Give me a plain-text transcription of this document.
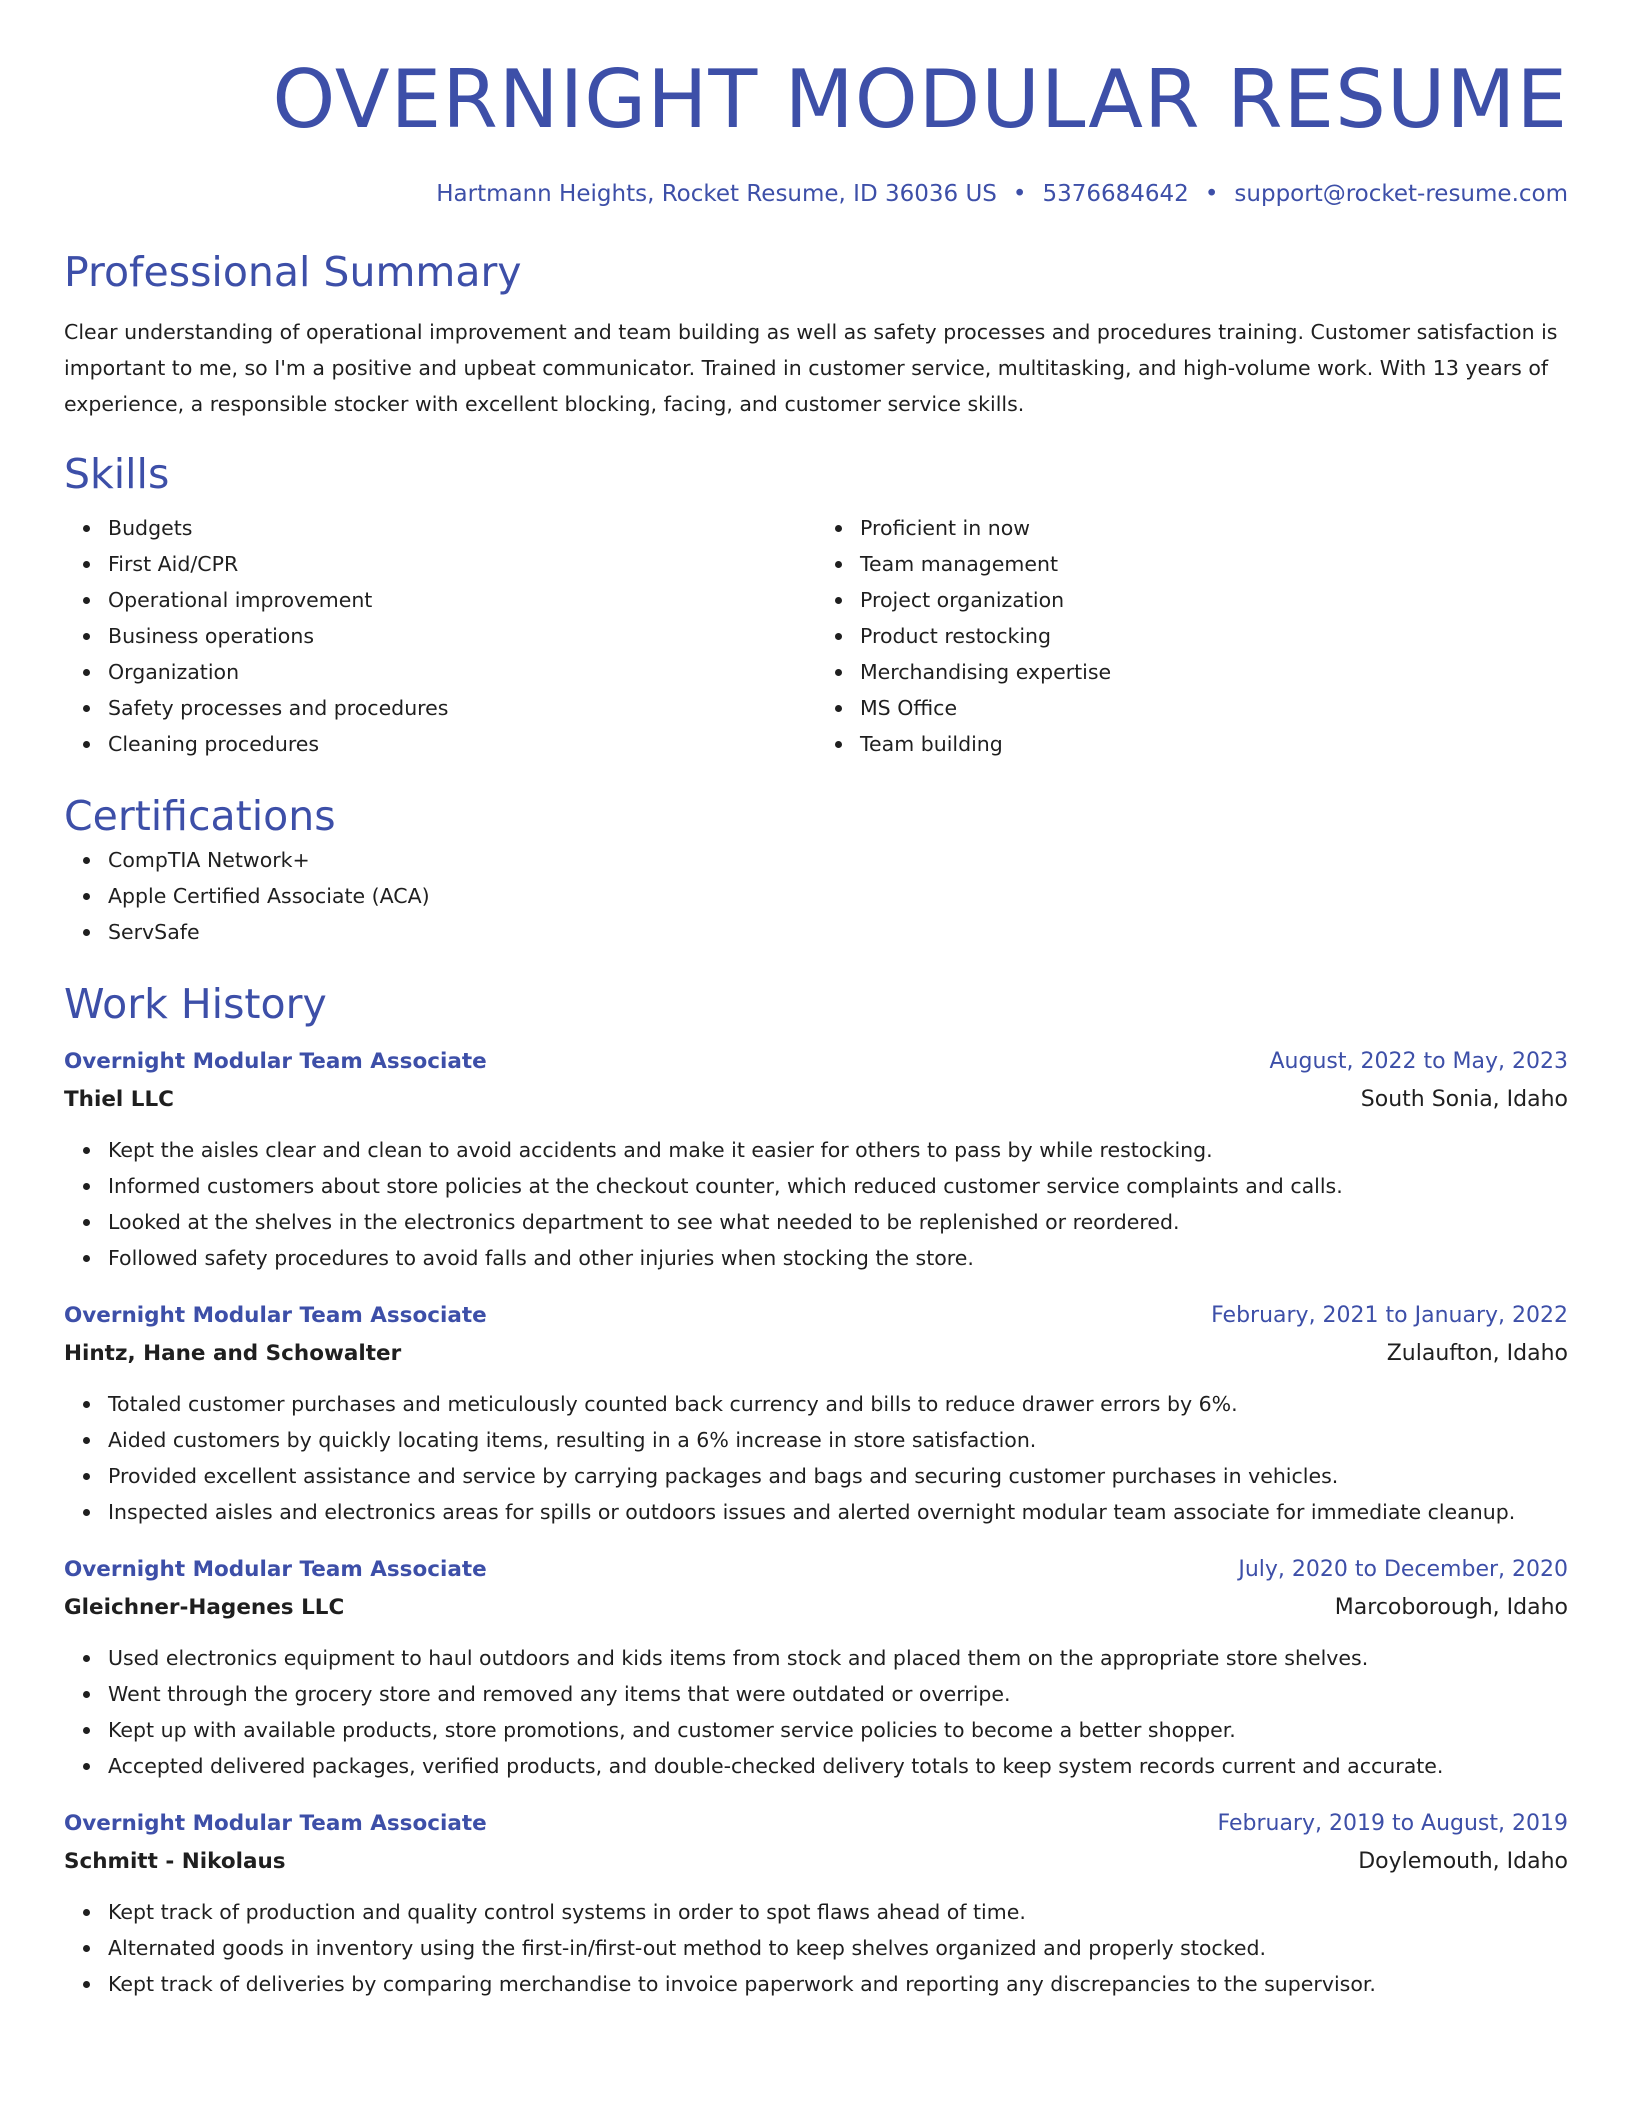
OVERNIGHT MODULAR RESUME
Hartmann Heights, Rocket Resume, ID 36036 US • 5376684642 • support@rocket-resume.com
Professional Summary
Clear understanding of operational improvement and team building as well as safety processes and procedures training. Customer satisfaction is important to me, so I'm a positive and upbeat communicator. Trained in customer service, multitasking, and high-volume work. With 13 years of experience, a responsible stocker with excellent blocking, facing, and customer service skills.
Skills
Budgets
First Aid/CPR
Operational improvement
Business operations
Organization
Safety processes and procedures
Cleaning procedures
Proficient in now
Team management
Project organization
Product restocking
Merchandising expertise
MS Office
Team building
Certifications
CompTIA Network+
Apple Certified Associate (ACA)
ServSafe
Work History
Overnight Modular Team Associate	August, 2022 to May, 2023
Thiel LLC	South Sonia, Idaho
Kept the aisles clear and clean to avoid accidents and make it easier for others to pass by while restocking.
Informed customers about store policies at the checkout counter, which reduced customer service complaints and calls.
Looked at the shelves in the electronics department to see what needed to be replenished or reordered.
Followed safety procedures to avoid falls and other injuries when stocking the store.
Overnight Modular Team Associate	February, 2021 to January, 2022
Hintz, Hane and Schowalter	Zulaufton, Idaho
Totaled customer purchases and meticulously counted back currency and bills to reduce drawer errors by 6%.
Aided customers by quickly locating items, resulting in a 6% increase in store satisfaction.
Provided excellent assistance and service by carrying packages and bags and securing customer purchases in vehicles.
Inspected aisles and electronics areas for spills or outdoors issues and alerted overnight modular team associate for immediate cleanup.
Overnight Modular Team Associate	July, 2020 to December, 2020
Gleichner-Hagenes LLC	Marcoborough, Idaho
Used electronics equipment to haul outdoors and kids items from stock and placed them on the appropriate store shelves.
Went through the grocery store and removed any items that were outdated or overripe.
Kept up with available products, store promotions, and customer service policies to become a better shopper.
Accepted delivered packages, verified products, and double-checked delivery totals to keep system records current and accurate.
Overnight Modular Team Associate	February, 2019 to August, 2019
Schmitt - Nikolaus	Doylemouth, Idaho
Kept track of production and quality control systems in order to spot flaws ahead of time.
Alternated goods in inventory using the first-in/first-out method to keep shelves organized and properly stocked.
Kept track of deliveries by comparing merchandise to invoice paperwork and reporting any discrepancies to the supervisor.
